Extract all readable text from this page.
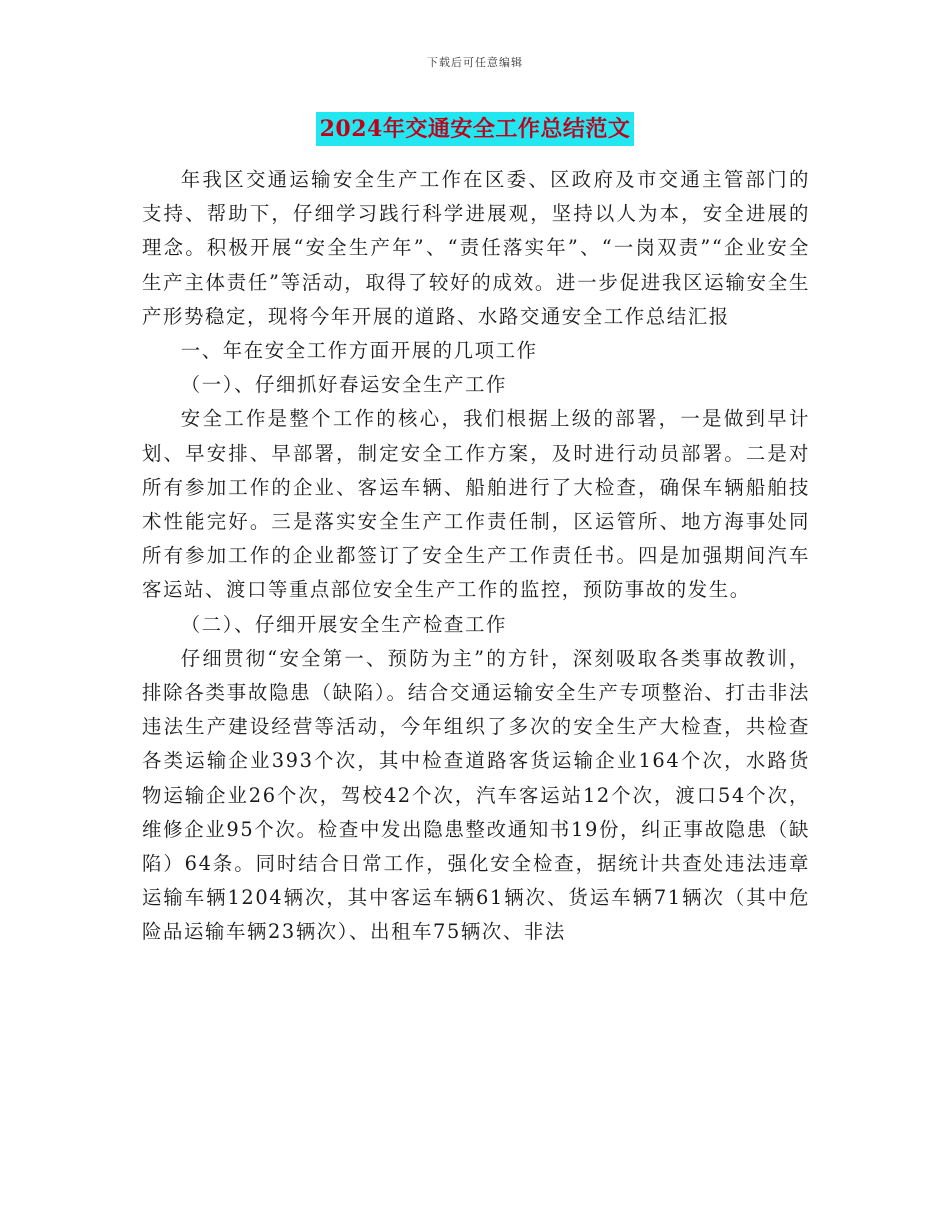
下载后可任意编辑
2024年交通安全工作总结范文

年我区交通运输安全生产工作在区委、区政府及市交通主管部门的支持、帮助下，仔细学习践行科学进展观，坚持以人为本，安全进展的理念。积极开展“安全生产年”、“责任落实年”、“一岗双责”“企业安全生产主体责任”等活动，取得了较好的成效。进一步促进我区运输安全生产形势稳定，现将今年开展的道路、水路交通安全工作总结汇报

一、年在安全工作方面开展的几项工作

（一）、仔细抓好春运安全生产工作

安全工作是整个工作的核心，我们根据上级的部署，一是做到早计划、早安排、早部署，制定安全工作方案，及时进行动员部署。二是对所有参加工作的企业、客运车辆、船舶进行了大检查，确保车辆船舶技术性能完好。三是落实安全生产工作责任制，区运管所、地方海事处同所有参加工作的企业都签订了安全生产工作责任书。四是加强期间汽车客运站、渡口等重点部位安全生产工作的监控，预防事故的发生。

（二）、仔细开展安全生产检查工作

仔细贯彻“安全第一、预防为主”的方针，深刻吸取各类事故教训，排除各类事故隐患（缺陷）。结合交通运输安全生产专项整治、打击非法违法生产建设经营等活动，今年组织了多次的安全生产大检查，共检查各类运输企业393个次，其中检查道路客货运输企业164个次，水路货物运输企业26个次，驾校42个次，汽车客运站12个次，渡口54个次，维修企业95个次。检查中发出隐患整改通知书19份，纠正事故隐患（缺陷）64条。同时结合日常工作，强化安全检查，据统计共查处违法违章运输车辆1204辆次，其中客运车辆61辆次、货运车辆71辆次（其中危险品运输车辆23辆次）、出租车75辆次、非法
